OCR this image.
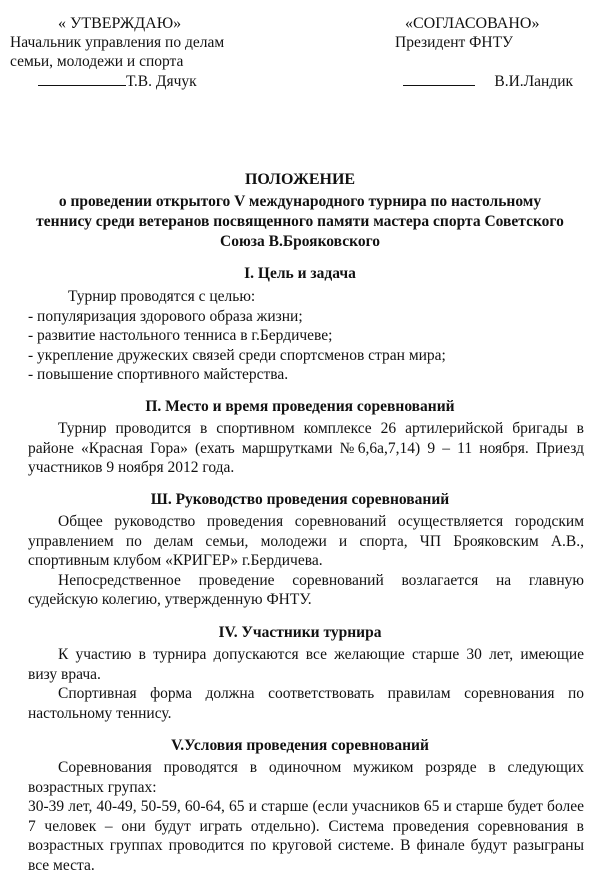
« УТВЕРЖДАЮ»
Начальник управления по делам
семьи, молодежи и спорта
Т.В. Дячук
«СОГЛАСОВАНО»
Президент ФНТУ
В.И.Ландик
ПОЛОЖЕНИЕ
о проведении открытого V международного турнира по настольному
теннису среди ветеранов посвященного памяти мастера спорта Советского
Союза В.Брояковского
I. Цель и задача
Турнир проводятся с целью:
- популяризация здорового образа жизни;
- развитие настольного тенниса в г.Бердичеве;
- укрепление дружеских связей среди спортсменов стран мира;
- повышение спортивного майстерства.
П. Место и время проведения соревнований
Турнир проводится в спортивном комплексе 26 артилерийской бригады в районе «Красная Гора» (ехать маршрутками №6,6а,7,14) 9 – 11 ноября. Приезд участников 9 ноября 2012 года.
Ш. Руководство проведения соревнований
Общее руководство проведения соревнований осуществляется городским управлением по делам семьи, молодежи и спорта, ЧП Брояковским А.В., спортивным клубом «КРИГЕР» г.Бердичева.
Непосредственное проведение соревнований возлагается на главную судейскую колегию, утвержденную ФНТУ.
IV. Участники турнира
К участию в турнира допускаются все желающие старше 30 лет, имеющие визу врача.
Спортивная форма должна соответствовать правилам соревнования по настольному теннису.
V.Условия проведения соревнований
Соревнования проводятся в одиночном мужиком розряде в следующих возрастных групах:
30-39 лет, 40-49, 50-59, 60-64, 65 и старше (если учасников 65 и старше будет более 7 человек – они будут играть отдельно). Система проведения соревнования в возрастных группах проводится по круговой системе. В финале будут разыграны все места.
